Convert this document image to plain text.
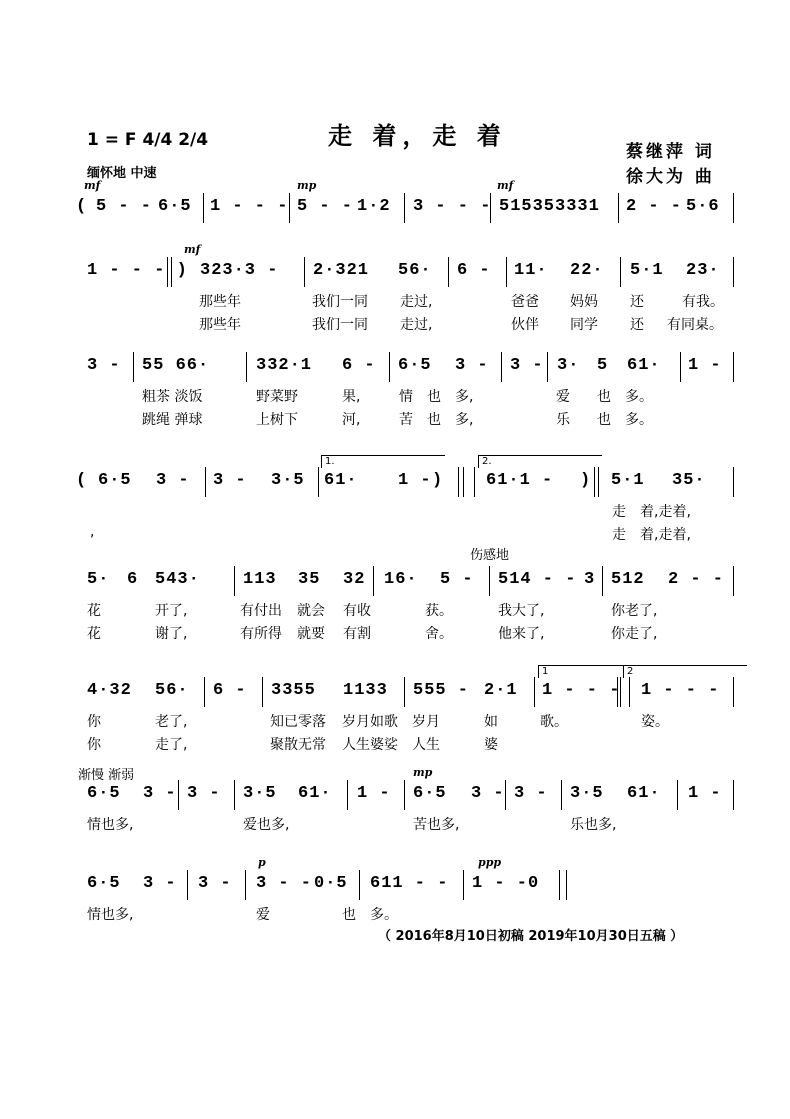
走 着，走 着
1 = F 4/4 2/4
缅怀地 中速
蔡继萍 词
徐大为 曲
( 5 - - 6·5 1 - - - 5 - - 1·2 3 - - - 515353331 2 - - 5·6
mf	mp	mf
1 - - - ) 323·3 - 2·321 56· 6 - 11· 22· 5·1 23·
mf
那些年	我们一同 走过,	爸爸 妈妈 还	有我。
那些年	我们一同 走过,	伙伴 同学 还 有同桌。
3 - 55 66·	332·1 6 - 6·5 3 - 3 - 3· 5 61· 1 -
粗茶 淡饭	野菜野	果,	情 也 多,	爱 也 多。
跳绳 弹球	上树下	河,	苦 也 多,	乐 也 多。
( 6·5 3 - 3 - 3·5 61· 1 - )	61·1 - ) 5·1 35·
1.	2.
走 着,走着,
,	走 着,走着,
5· 6 543·	113 35 32 16· 5 - 514 - - 3 512 2 - -
伤感地
花	开了,	有付出 就会 有收	获。	我大了,	你老了,
花	谢了,	有所得 就要 有割	舍。	他来了,	你走了,
4·32 56· 6 - 3355 1133 555 - 2·1 1 - - - 1 - - -
1	2
你	老了,	知已零落 岁月如歌 岁月	如	歌。	姿。
你	走了,	聚散无常 人生婆娑 人生	婆
6·5 3 - 3 - 3·5 61· 1 - 6·5 3 - 3 - 3·5 61· 1 -
mp
渐慢 渐弱
情也多,	爱也多,	苦也多,	乐也多,
6·5 3 - 3 - 3 - - 0·5 611 - - 1 - - 0
p	ppp
情也多,	爱	也 多。
（ 2016年8月10日初稿 2019年10月30日五稿 ）
